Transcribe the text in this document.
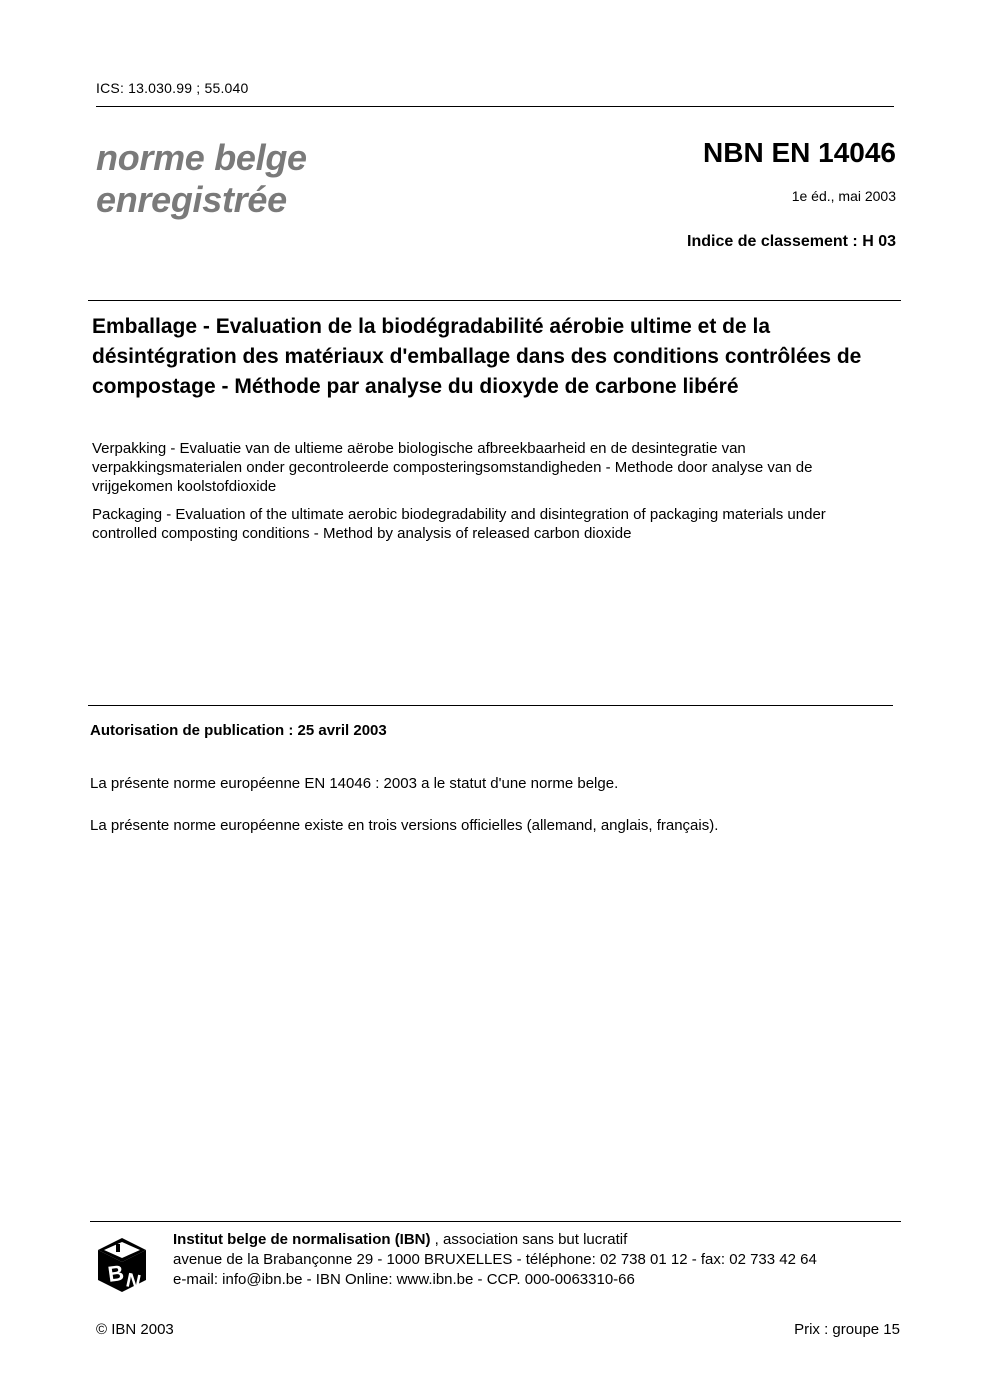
ICS: 13.030.99 ; 55.040
norme belge
enregistrée
NBN EN 14046
1e éd., mai 2003
Indice de classement : H 03
Emballage - Evaluation de la biodégradabilité aérobie ultime et de la désintégration des matériaux d'emballage dans des conditions contrôlées de compostage - Méthode par analyse du dioxyde de carbone libéré
Verpakking - Evaluatie van de ultieme aërobe biologische afbreekbaarheid en de desintegratie van verpakkingsmaterialen onder gecontroleerde composteringsomstandigheden - Methode door analyse van de vrijgekomen koolstofdioxide
Packaging - Evaluation of the ultimate aerobic biodegradability and disintegration of packaging materials under controlled composting conditions - Method by analysis of released carbon dioxide
Autorisation de publication : 25 avril 2003
La présente norme européenne EN 14046 : 2003 a le statut d'une norme belge.
La présente norme européenne existe en trois versions officielles (allemand, anglais, français).
B
N
Institut belge de normalisation (IBN) , association sans but lucratif
avenue de la Brabançonne 29 - 1000 BRUXELLES - téléphone: 02 738 01 12 - fax: 02 733 42 64
e-mail: info@ibn.be - IBN Online: www.ibn.be - CCP. 000-0063310-66
© IBN 2003	Prix : groupe 15
